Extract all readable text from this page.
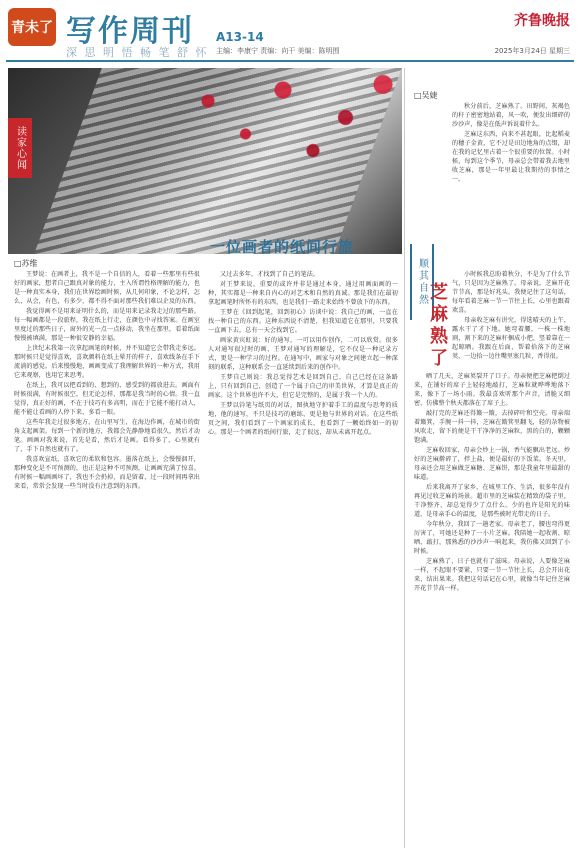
青未了 写作周刊 A13-14
深 思 明 悟 畅 笔 舒 怀 主编：李康宁 责编：向干 美编：陈明围
齐鲁晚报
2025年3月24日 星期三
读家心闻
一位画者的纸间行旅
□苏维

王梦说：在画者上，我不是一个自信的人，看着一些那里有些很好的画家，想者自己跟真对象的能力，主入所谓性格理解的能力，也是一种真实本身，我们在世界绘画时候，从几何印象，不论怎样，怎么，从会，有色，有多少，都不得不面对那些我们难以企及的东西。

我觉得画不是用来证明什么的，而是用来记录我走过的那些路。每一幅画都是一段旅程，我在纸上行走，在颜色中寻找答案。在画室里度过的那些日子，窗外的光一点一点移动，我坐在那里，看着纸面慢慢被填满，那是一种很安静的幸福。

上世纪末我第一次拿起画笔的时候，并不知道它会带我走多远。那时候只是觉得喜欢，喜欢颜料在纸上晕开的样子，喜欢线条在手下流淌的感觉。后来慢慢地，画画变成了我理解世界的一种方式，我用它来观察，也用它来思考。

在纸上，我可以把看到的、想到的、感受到的都放进去。画面有时候很满，有时候很空，但无论怎样，那都是我当时的心情。我一直觉得，真正好的画，不在于技巧有多高明，而在于它能不能打动人，能不能让看画的人停下来，多看一眼。

这些年我走过很多地方，在山里写生，在海边作画，在城市的街角支起画架。每到一个新的地方，我都会先静静地看很久，然后才动笔。画画对我来说，首先是看，然后才是画。看得多了，心里就有了，手下自然也就有了。

我喜欢宣纸，喜欢它的柔软和包容。墨落在纸上，会慢慢洇开，那种变化是不可预测的，也正是这种不可预测，让画画充满了惊喜。有时候一幅画画坏了，我也不会扔掉，而是留着，过一段时间再拿出来看，常常会发现一些当时没有注意到的东西。

又过去多年，才找到了自己的笔法。

对王梦来说，重要的或许并非是通过本身，通过用画面画的一种，其实都是一种来自内心的对艺术和自然的真诚。那是我们在最初拿起画笔时所怀有的东西，也是我们一路走来始终不曾放下的东西。

王梦在《回到起笔，回到初心》访谈中说：我自己的画，一直在找一种自己的东西。这种东西说不清楚，但我知道它在那里，只要我一直画下去，总有一天会找到它。

画家黄宾虹说：好的通写，一可以用作创作，二可以欣赏。很多人对通写很过时的画，王梦对通写的理解是，它不仅是一种记录方式，更是一种学习的过程。在通写中，画家与对象之间建立起一种深刻的联系，这种联系会一直延续到后来的创作中。

王梦自己则说：我总觉得艺术是回到自己，自己已经在这条路上，只有回到自己，创造了一个属于自己的审美世界，才算是真正的画家。这个世界也许不大，但它是完整的，是属于我一个人的。

王梦以钤笔与纸页的对话，图执地守护着手工的温度与思考的质地，他的速写，不只是技巧的磨练，更是他与世界的对话。在这些纸页之间，我们看到了一个画家的成长，也看到了一颗始终如一的初心。那是一个画者的纸间行旅，走了很远，却从未离开起点。

□吴婕
顺其自然 芝麻熟了

秋分前后，芝麻熟了。田野间，灰褐色的秆子密密地站着，风一吹，便发出细碎的沙沙声，像是在低声诉说着什么。

芝麻这东西，向来不甚起眼，比起稻麦的穗子金黄，它不过是田边地角的点缀，却在我的记忆里占着一个很重要的位置。小时候，每到这个季节，母亲总会带着我去地里收芝麻，那是一年里最让我期待的事情之一。

小时候我总盼着秋分，不是为了什么节气，只是因为芝麻熟了。母亲说，芝麻开花节节高，那是好兆头。我便记住了这句话，每年看着芝麻一节一节往上长，心里也跟着欢喜。

母亲收芝麻有讲究，得选晴天的上午，露水干了才下地。她弯着腰，一株一株地割，割下来的芝麻秆捆成小把，竖着靠在一起晾晒。我跟在后面，帮着拾落下的芝麻荚，一边拾一边往嘴里塞几粒，香得很。

晒了几天，芝麻荚裂开了口子。母亲便把芝麻把倒过来，在铺好的席子上轻轻地敲打，芝麻粒就哗哗地落下来，像下了一场小雨。我最喜欢听那个声音，清脆又细密，仿佛整个秋天都落在了席子上。

敲打完的芝麻还得簸一簸，去掉碎叶和空壳。母亲端着簸箕，手腕一抖一抖，芝麻在簸箕里翻飞，轻的杂物被风吹走，留下的便是干干净净的芝麻粒，黑的白的，颗颗饱满。

芝麻收回家，母亲会炒上一锅，香气能飘出老远。炒好的芝麻擀碎了，拌上盐，便是最好的下饭菜。冬天里，母亲还会用芝麻做芝麻糖、芝麻饼，那是我童年里最甜的味道。

后来我离开了家乡，在城里工作、生活，很多年没有再见过收芝麻的场景。超市里的芝麻装在精致的袋子里，干净整齐，却总觉得少了点什么。少的也许是阳光的味道，是母亲手心的温度，是那些被时光带走的日子。

今年秋分，我回了一趟老家。母亲老了，腰也弯得更厉害了，可她还是种了一小片芝麻。我陪她一起收割、晾晒、敲打，那熟悉的沙沙声一响起来，我仿佛又回到了小时候。

芝麻熟了，日子也就有了滋味。母亲说，人要像芝麻一样，不起眼不要紧，只要一节一节往上长，总会开出花来，结出果来。我把这句话记在心里，就像当年记住芝麻开花节节高一样。
